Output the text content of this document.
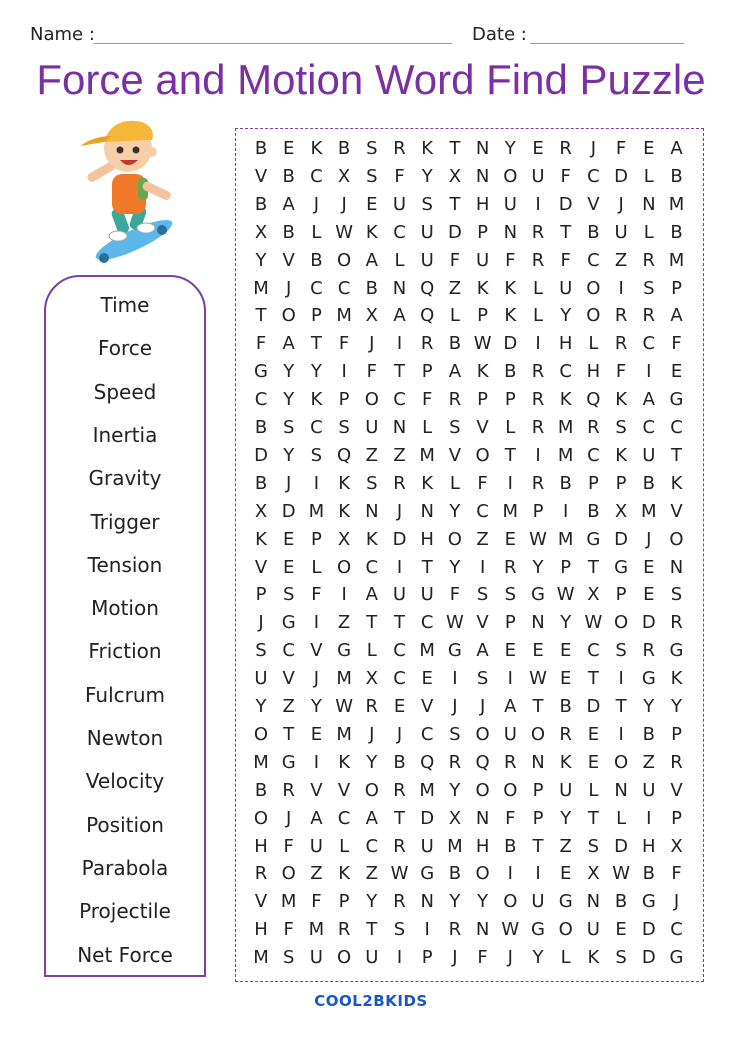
Name :	Date :
Force and Motion Word Find Puzzle
Time
Force
Speed
Inertia
Gravity
Trigger
Tension
Motion
Friction
Fulcrum
Newton
Velocity
Position
Parabola
Projectile
Net Force
B E K B S R K T N Y E R	J	F E A
V B C X S F Y X N O U F C D L B
B A	J	J	E U S T H U	I	D V	J	N M
X B L W K C U D P N R T B U L B
Y V B O A L U F U F R F C Z R M
M J	C C B N Q Z K K L U O I	S P
T O P M X A Q L P K L Y O R R A
F A T F	J	I	R B W D	I	H L R C F
G Y Y	I	F T P A K B R C H F	I	E
C Y K P O C F R P P R K Q K A G
B S C S U N L S V L R M R S C C
D Y S Q Z Z M V O T	I M C K U T
B	J	I	K S R K L F	I	R B P P B K
X D M K N	J	N Y C M P	I	B X M V
K E P X K D H O Z E W M G D	J O
V E L O C	I	T Y	I	R Y P T G E N
P S F	I	A U U F S S G W X P E S
J	G	I	Z T T C W V P N Y W O D R
S C V G L C M G A E E E C S R G
U V	J M X C E	I	S	I W E T	I	G K
Y Z Y W R E V	J	J	A T B D T Y Y
O T E M J	J	C S O U O R E	I	B P
M G	I	K Y B Q R Q R N K E O Z R
B R V V O R M Y O O P U L N U V
O J	A C A T D X N F P Y T L	I	P
H F U L C R U M H B T Z S D H X
R O Z K Z W G B O I	I	E X W B F
V M F P Y R N Y Y O U G N B G	J
H F M R T S	I	R N W G O U E D C
M S U O U	I	P	J	F	J	Y L K S D G
COOL2BKIDS
